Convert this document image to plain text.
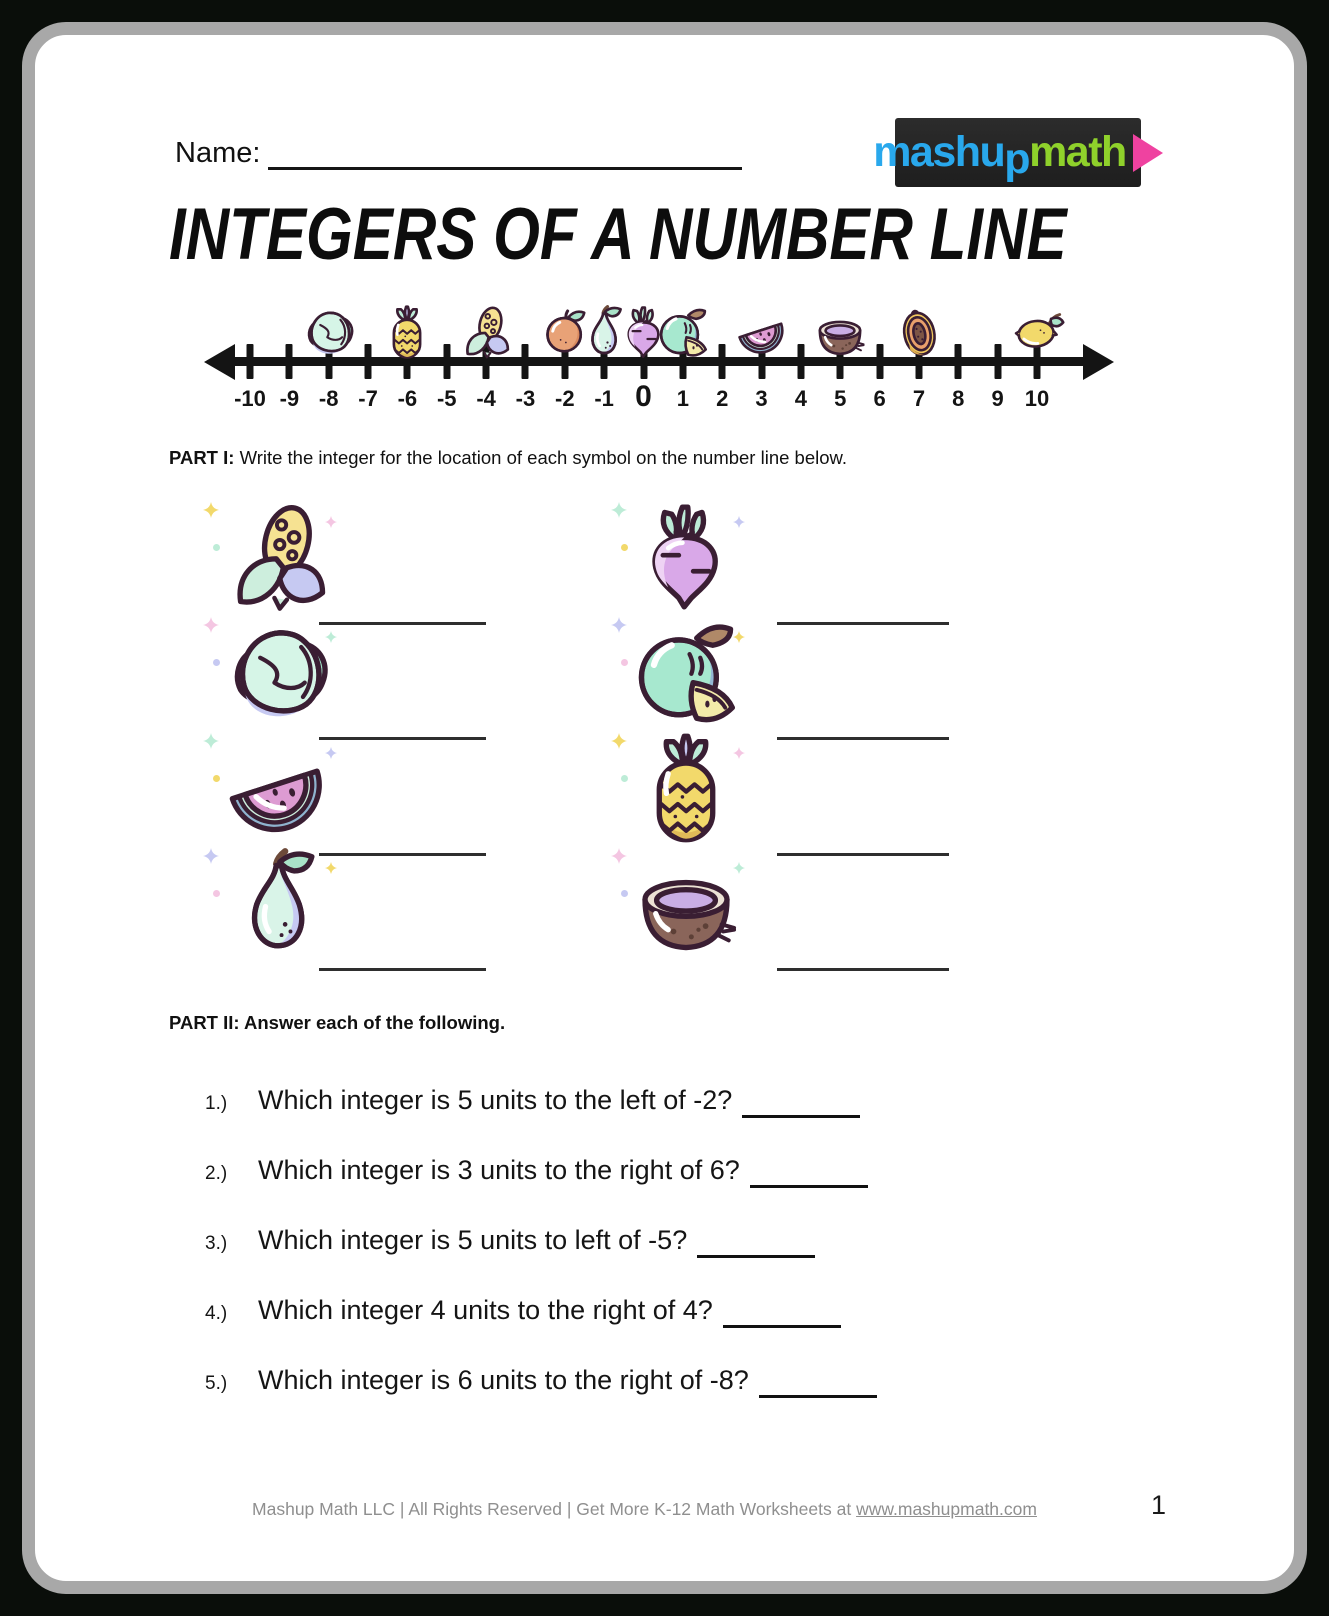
Name:	mashupmath
INTEGERS OF A NUMBER LINE
-10 -9 -8 -7 -6 -5 -4 -3 -2 -1 0 1 2 3 4 5 6 7 8 9 10
PART I: Write the integer for the location of each symbol on the number line below.
PART II: Answer each of the following.
1.) Which integer is 5 units to the left of -2?
2.) Which integer is 3 units to the right of 6?
3.) Which integer is 5 units to left of -5?
4.) Which integer 4 units to the right of 4?
5.) Which integer is 6 units to the right of -8?
Mashup Math LLC | All Rights Reserved | Get More K-12 Math Worksheets at www.mashupmath.com	1
